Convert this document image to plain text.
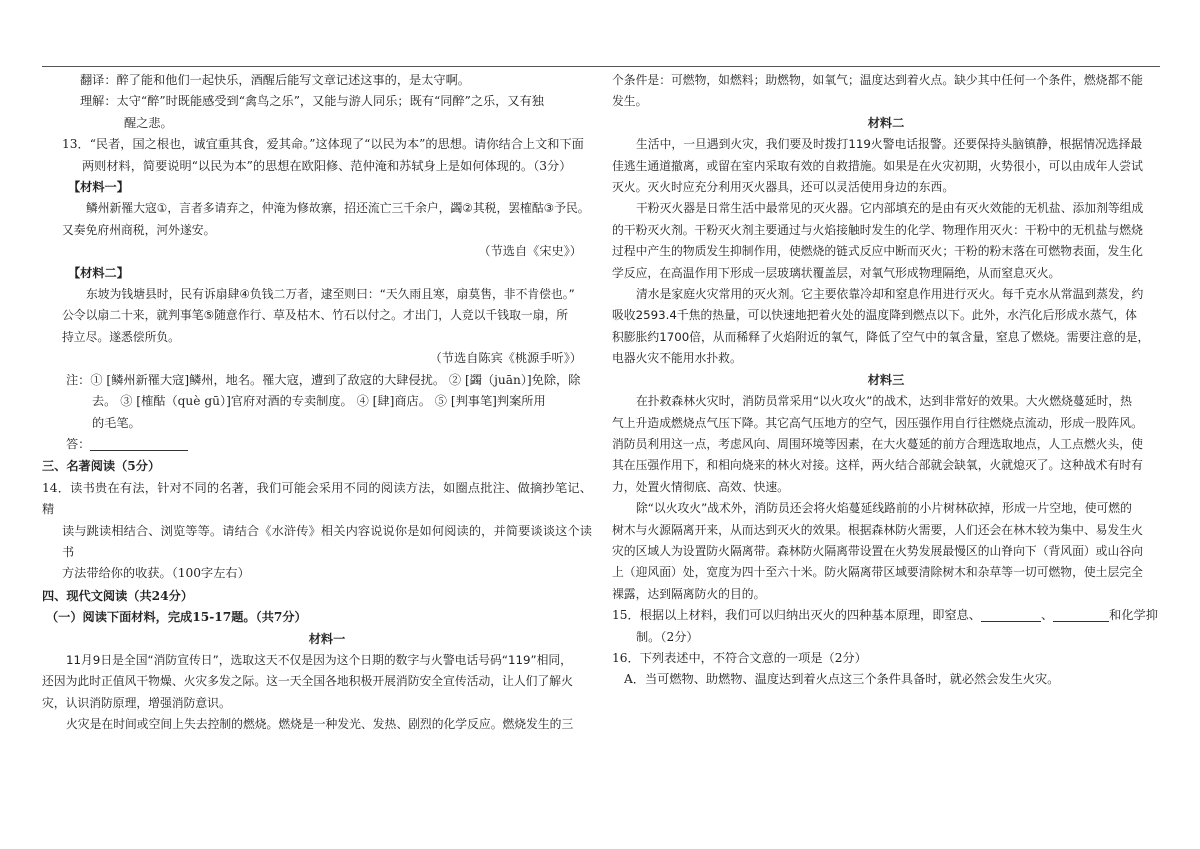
翻译：醉了能和他们一起快乐，酒醒后能写文章记述这事的，是太守啊。

理解：太守“醉”时既能感受到“禽鸟之乐”，又能与游人同乐；既有“同醉”之乐，又有独

醒之悲。

13．“民者，国之根也，诚宜重其食，爱其命。”这体现了“以民为本”的思想。请你结合上文和下面

两则材料，简要说明“以民为本”的思想在欧阳修、范仲淹和苏轼身上是如何体现的。（3分）

【材料一】

鳞州新罹大寇①，言者多请弃之，仲淹为修故寨，招还流亡三千余户，蠲②其税，罢榷酤③予民。

又奏免府州商税，河外遂安。

（节选自《宋史》）

【材料二】

东坡为钱塘县时，民有诉扇肆④负钱二万者，逮至则曰：“天久雨且寒，扇莫售，非不肯偿也。”

公令以扇二十来，就判事笔⑤随意作行、草及枯木、竹石以付之。才出门，人竞以千钱取一扇，所

持立尽。遂悉偿所负。

（节选自陈宾《桃源手听》）

注：① [鳞州新罹大寇]鳞州，地名。罹大寇，遭到了敌寇的大肆侵扰。 ② [蠲（juān）]免除，除

去。 ③ [榷酤（què gū）]官府对酒的专卖制度。 ④ [肆]商店。 ⑤ [判事笔]判案所用

的毛笔。

答：

三、名著阅读（5分）

14．读书贵在有法，针对不同的名著，我们可能会采用不同的阅读方法，如圈点批注、做摘抄笔记、精

读与跳读相结合、浏览等等。请结合《水浒传》相关内容说说你是如何阅读的，并简要谈谈这个读书

方法带给你的收获。（100字左右）

四、现代文阅读（共24分）

（一）阅读下面材料，完成15-17题。（共7分）

材料一

11月9日是全国“消防宣传日”，选取这天不仅是因为这个日期的数字与火警电话号码“119”相同，

还因为此时正值风干物燥、火灾多发之际。这一天全国各地积极开展消防安全宣传活动，让人们了解火

灾，认识消防原理，增强消防意识。

火灾是在时间或空间上失去控制的燃烧。燃烧是一种发光、发热、剧烈的化学反应。燃烧发生的三

个条件是：可燃物，如燃料；助燃物，如氧气；温度达到着火点。缺少其中任何一个条件，燃烧都不能

发生。

材料二

生活中，一旦遇到火灾，我们要及时拨打119火警电话报警。还要保持头脑镇静，根据情况选择最

佳逃生通道撤离，或留在室内采取有效的自救措施。如果是在火灾初期，火势很小，可以由成年人尝试

灭火。灭火时应充分利用灭火器具，还可以灵活使用身边的东西。

干粉灭火器是日常生活中最常见的灭火器。它内部填充的是由有灭火效能的无机盐、添加剂等组成

的干粉灭火剂。干粉灭火剂主要通过与火焰接触时发生的化学、物理作用灭火：干粉中的无机盐与燃烧

过程中产生的物质发生抑制作用，使燃烧的链式反应中断而灭火；干粉的粉末落在可燃物表面，发生化

学反应，在高温作用下形成一层玻璃状覆盖层，对氧气形成物理隔绝，从而窒息灭火。

清水是家庭火灾常用的灭火剂。它主要依靠冷却和窒息作用进行灭火。每千克水从常温到蒸发，约

吸收2593.4千焦的热量，可以快速地把着火处的温度降到燃点以下。此外，水汽化后形成水蒸气，体

积膨胀约1700倍，从而稀释了火焰附近的氧气，降低了空气中的氧含量，窒息了燃烧。需要注意的是，

电器火灾不能用水扑救。

材料三

在扑救森林火灾时，消防员常采用“以火攻火”的战术，达到非常好的效果。大火燃烧蔓延时，热

气上升造成燃烧点气压下降。其它高气压地方的空气，因压强作用自行往燃烧点流动，形成一股阵风。

消防员利用这一点，考虑风向、周围环境等因素，在大火蔓延的前方合理选取地点，人工点燃火头，使

其在压强作用下，和相向烧来的林火对接。这样，两火结合部就会缺氧，火就熄灭了。这种战术有时有

力，处置火情彻底、高效、快速。

除“以火攻火”战术外，消防员还会将火焰蔓延线路前的小片树林砍掉，形成一片空地，使可燃的

树木与火源隔离开来，从而达到灭火的效果。根据森林防火需要，人们还会在林木较为集中、易发生火

灾的区域人为设置防火隔离带。森林防火隔离带设置在火势发展最慢区的山脊向下（背风面）或山谷向

上（迎风面）处，宽度为四十至六十米。防火隔离带区域要清除树木和杂草等一切可燃物，使土层完全

裸露，达到隔离防火的目的。

15．根据以上材料，我们可以归纳出灭火的四种基本原理，即窒息、	、	和化学抑

制。（2分）

16．下列表述中，不符合文意的一项是（2分）

A．当可燃物、助燃物、温度达到着火点这三个条件具备时，就必然会发生火灾。
